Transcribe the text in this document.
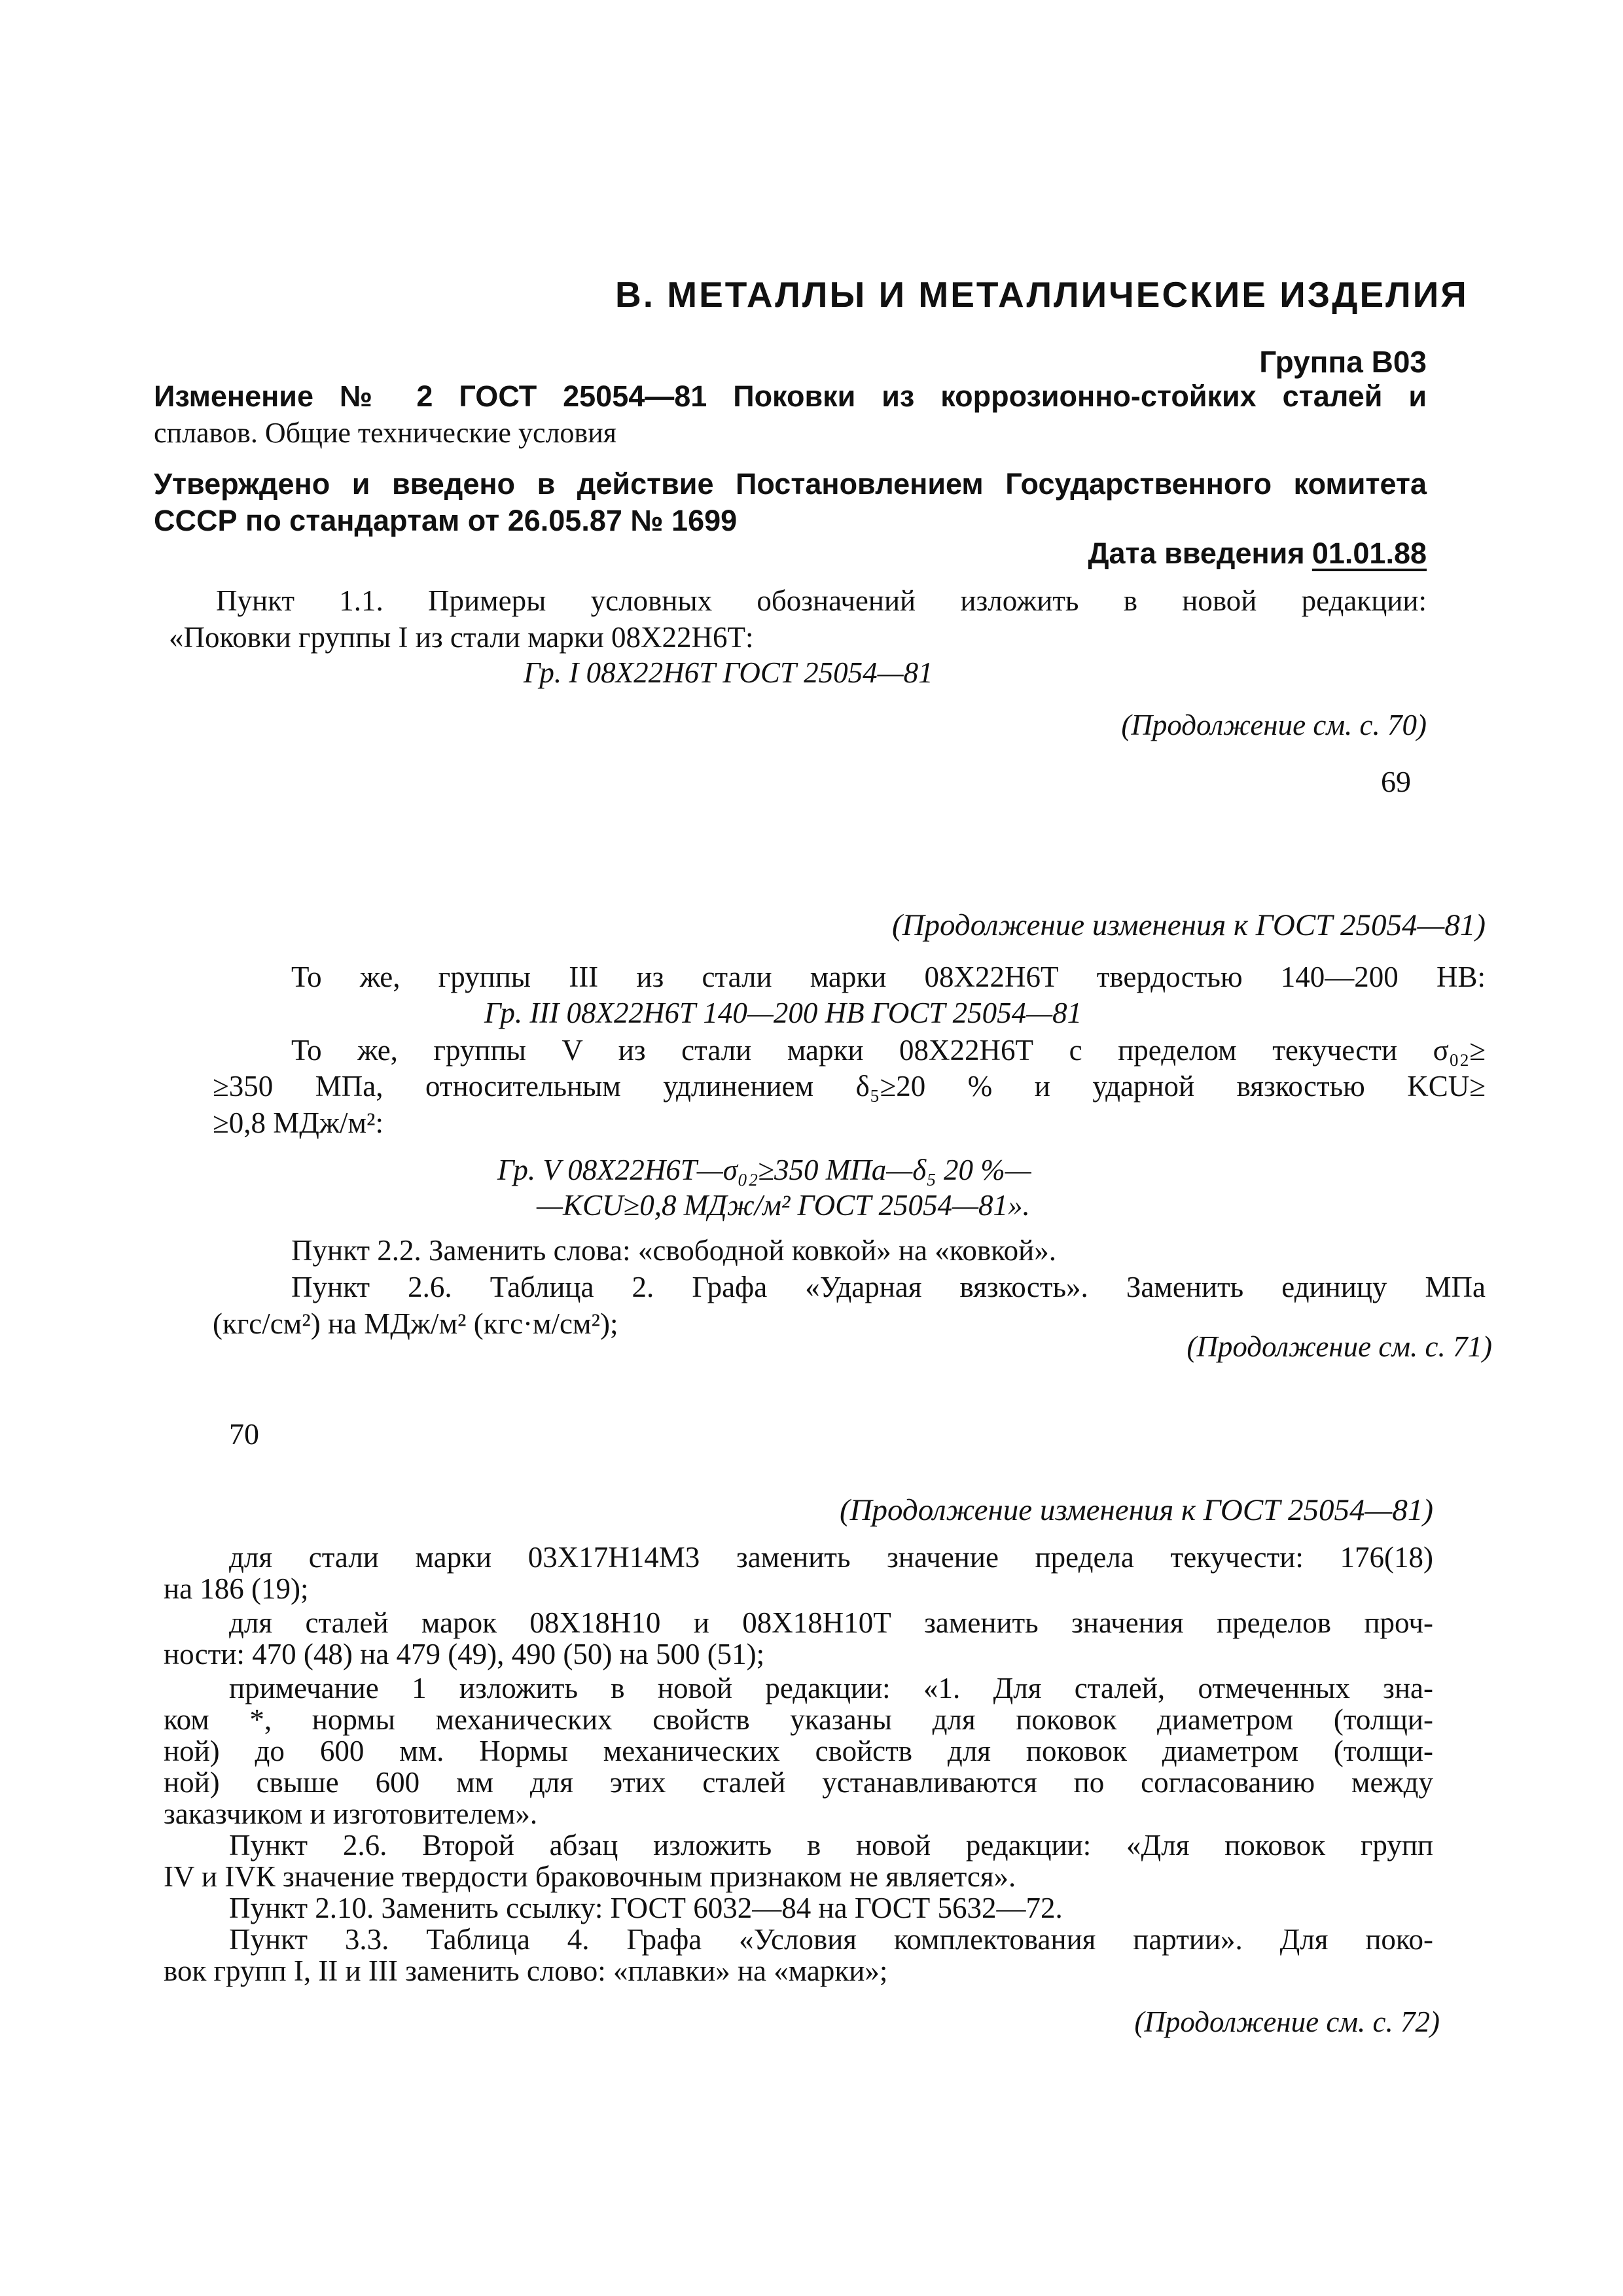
В. МЕТАЛЛЫ И МЕТАЛЛИЧЕСКИЕ ИЗДЕЛИЯ
Группа В03
Изменение № 2 ГОСТ 25054—81 Поковки из коррозионно-стойких сталей и
сплавов. Общие технические условия
Утверждено и введено в действие Постановлением Государственного комитета
СССР по стандартам от 26.05.87 № 1699
Дата введения 01.01.88
Пункт 1.1. Примеры условных обозначений изложить в новой редакции:
«Поковки группы I из стали марки 08Х22Н6Т:
Гр. I 08Х22Н6Т ГОСТ 25054—81
(Продолжение см. с. 70)
69
(Продолжение изменения к ГОСТ 25054—81)
То же, группы III из стали марки 08Х22Н6Т твердостью 140—200 НВ:
Гр. III 08Х22Н6Т 140—200 НВ ГОСТ 25054—81
То же, группы V из стали марки 08Х22Н6Т с пределом текучести σ₀₂≥
≥350 МПа, относительным удлинением δ₅≥20 % и ударной вязкостью KCU≥
≥0,8 МДж/м²:
Гр. V 08Х22Н6Т—σ₀₂≥350 МПа—δ₅ 20 %—
—KCU≥0,8 МДж/м² ГОСТ 25054—81».
Пункт 2.2. Заменить слова: «свободной ковкой» на «ковкой».
Пункт 2.6. Таблица 2. Графа «Ударная вязкость». Заменить единицу МПа
(кгс/см²) на МДж/м² (кгс·м/см²);
(Продолжение см. с. 71)
70
(Продолжение изменения к ГОСТ 25054—81)
для стали марки 03Х17Н14М3 заменить значение предела текучести: 176(18)
на 186 (19);
для сталей марок 08Х18Н10 и 08Х18Н10Т заменить значения пределов проч-
ности: 470 (48) на 479 (49), 490 (50) на 500 (51);
примечание 1 изложить в новой редакции: «1. Для сталей, отмеченных зна-
ком *, нормы механических свойств указаны для поковок диаметром (толщи-
ной) до 600 мм. Нормы механических свойств для поковок диаметром (толщи-
ной) свыше 600 мм для этих сталей устанавливаются по согласованию между
заказчиком и изготовителем».
Пункт 2.6. Второй абзац изложить в новой редакции: «Для поковок групп
IV и IVК значение твердости браковочным признаком не является».
Пункт 2.10. Заменить ссылку: ГОСТ 6032—84 на ГОСТ 5632—72.
Пункт 3.3. Таблица 4. Графа «Условия комплектования партии». Для поко-
вок групп I, II и III заменить слово: «плавки» на «марки»;
(Продолжение см. с. 72)
